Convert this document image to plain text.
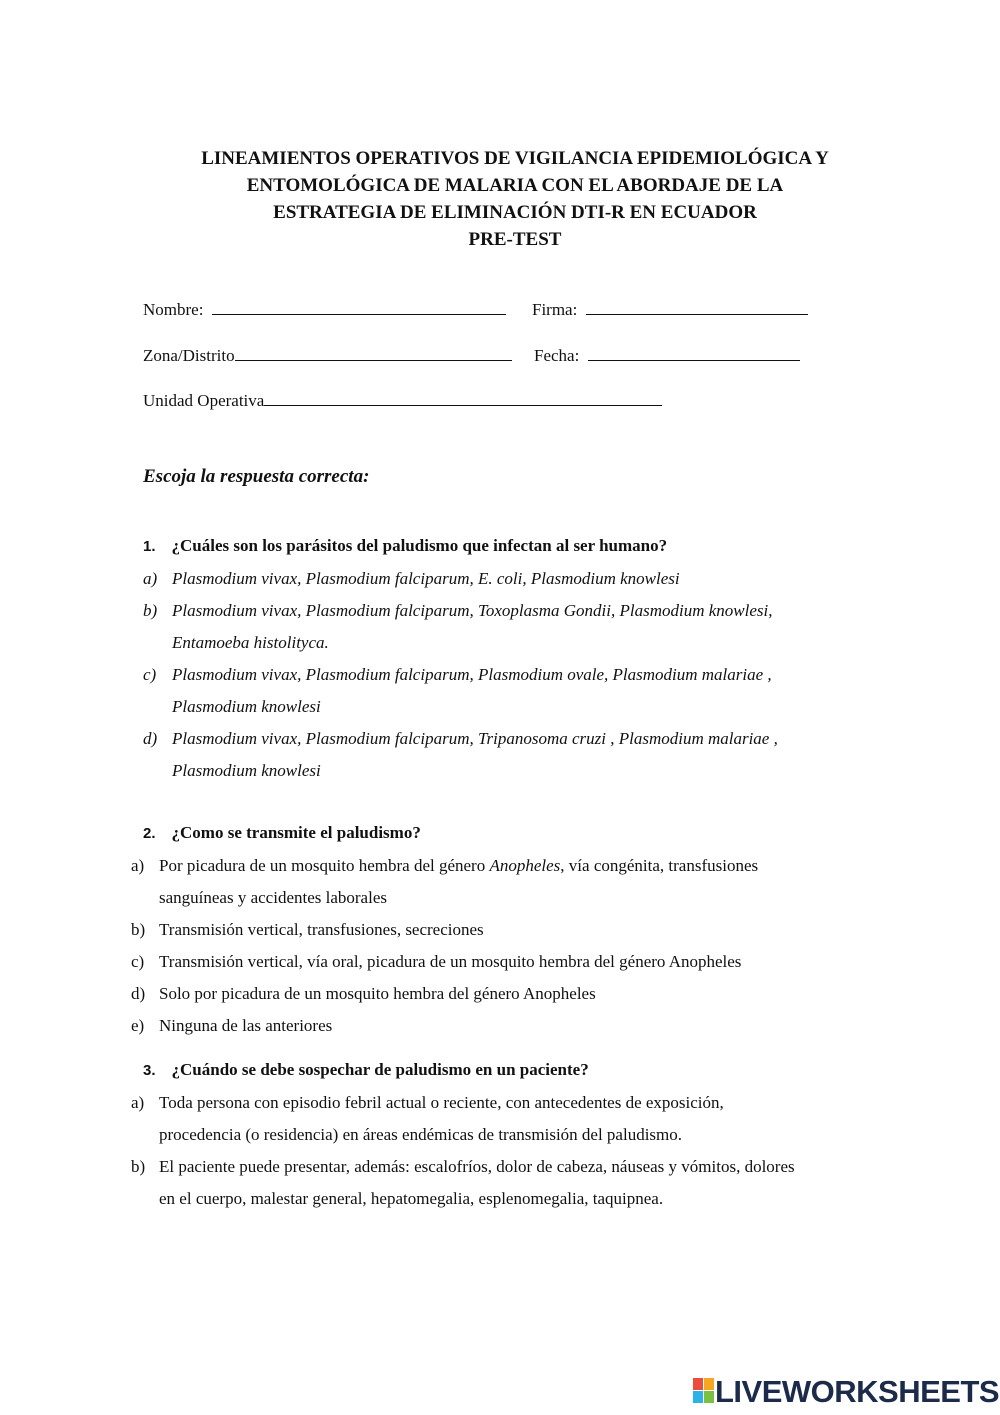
LINEAMIENTOS OPERATIVOS DE VIGILANCIA EPIDEMIOLÓGICA Y
ENTOMOLÓGICA DE MALARIA CON EL ABORDAJE DE LA
ESTRATEGIA DE ELIMINACIÓN DTI-R EN ECUADOR
PRE-TEST
Nombre:	Firma:
Zona/Distrito	Fecha:
Unidad Operativa
Escoja la respuesta correcta:
1. ¿Cuáles son los parásitos del paludismo que infectan al ser humano?
a) Plasmodium vivax, Plasmodium falciparum, E. coli, Plasmodium knowlesi
b) Plasmodium vivax, Plasmodium falciparum, Toxoplasma Gondii, Plasmodium knowlesi,
Entamoeba histolityca.
c) Plasmodium vivax, Plasmodium falciparum, Plasmodium ovale, Plasmodium malariae ,
Plasmodium knowlesi
d) Plasmodium vivax, Plasmodium falciparum, Tripanosoma cruzi , Plasmodium malariae ,
Plasmodium knowlesi
2. ¿Como se transmite el paludismo?
a) Por picadura de un mosquito hembra del género Anopheles, vía congénita, transfusiones
sanguíneas y accidentes laborales
b) Transmisión vertical, transfusiones, secreciones
c) Transmisión vertical, vía oral, picadura de un mosquito hembra del género Anopheles
d) Solo por picadura de un mosquito hembra del género Anopheles
e) Ninguna de las anteriores
3. ¿Cuándo se debe sospechar de paludismo en un paciente?
a) Toda persona con episodio febril actual o reciente, con antecedentes de exposición,
procedencia (o residencia) en áreas endémicas de transmisión del paludismo.
b) El paciente puede presentar, además: escalofríos, dolor de cabeza, náuseas y vómitos, dolores
en el cuerpo, malestar general, hepatomegalia, esplenomegalia, taquipnea.
LIVEWORKSHEETS
